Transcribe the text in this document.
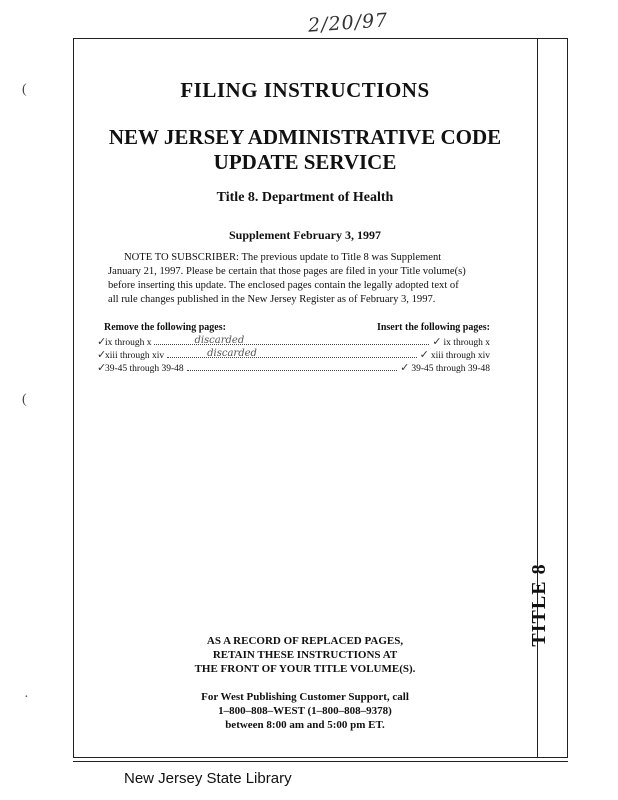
2/20/97
TITLE 8
FILING INSTRUCTIONS
NEW JERSEY ADMINISTRATIVE CODE
UPDATE SERVICE
Title 8. Department of Health
Supplement February 3, 1997
NOTE TO SUBSCRIBER: The previous update to Title 8 was Supplement
January 21, 1997. Please be certain that those pages are filed in your Title volume(s)
before inserting this update. The enclosed pages contain the legally adopted text of
all rule changes published in the New Jersey Register as of February 3, 1997.
Remove the following pages:	Insert the following pages:
✓
ix through x	discarded	✓ ix through x
✓
xiii through xiv	discarded	✓ xiii through xiv
✓
39-45 through 39-48	✓ 39-45 through 39-48
AS A RECORD OF REPLACED PAGES,
RETAIN THESE INSTRUCTIONS AT
THE FRONT OF YOUR TITLE VOLUME(S).
For West Publishing Customer Support, call
1–800–808–WEST (1–800–808–9378)
between 8:00 am and 5:00 pm ET.
New Jersey State Library
(
(
·
